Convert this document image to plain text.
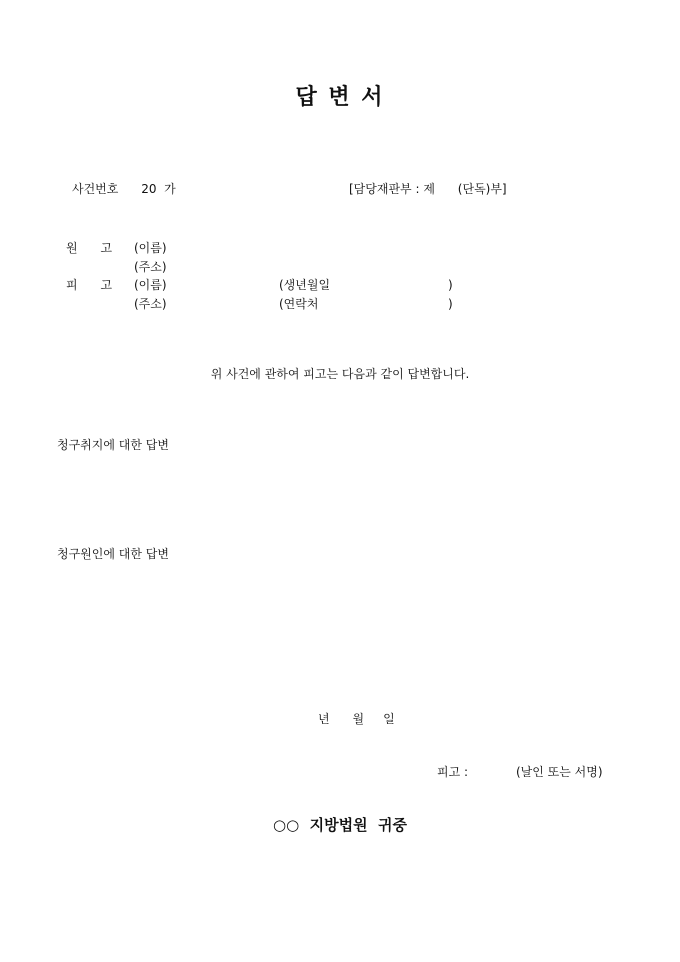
답 변 서
사건번호      20  가	[담당재판부 : 제      (단독)부]
원      고 (이름)
(주소)
피      고 (이름)	(생년월일	)
(주소)	(연락처	)
위 사건에 관하여 피고는 다음과 같이 답변합니다.
청구취지에 대한 답변
청구원인에 대한 답변
년      월     일
피고 :	(날인 또는 서명)
○○  지방법원  귀중
